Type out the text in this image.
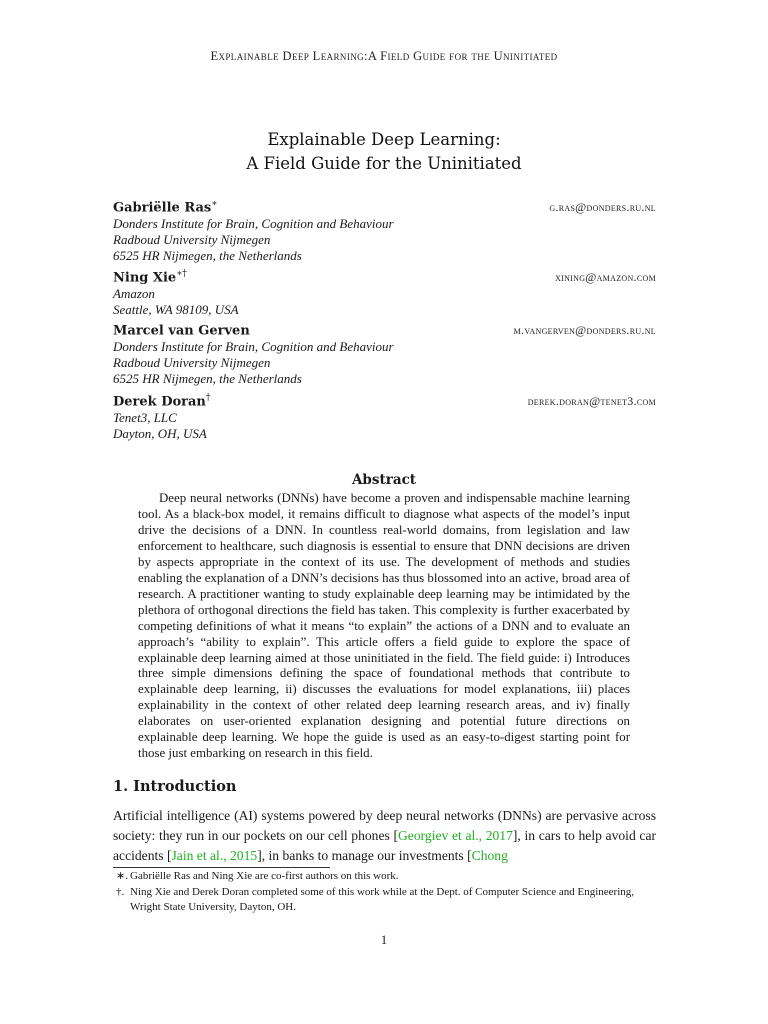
Explainable Deep Learning:A Field Guide for the Uninitiated
Explainable Deep Learning:
A Field Guide for the Uninitiated
Gabriëlle Ras∗	g.ras@donders.ru.nl
Donders Institute for Brain, Cognition and Behaviour
Radboud University Nijmegen
6525 HR Nijmegen, the Netherlands
Ning Xie∗†	xining@amazon.com
Amazon
Seattle, WA 98109, USA
Marcel van Gerven	m.vangerven@donders.ru.nl
Donders Institute for Brain, Cognition and Behaviour
Radboud University Nijmegen
6525 HR Nijmegen, the Netherlands
Derek Doran†	derek.doran@tenet3.com
Tenet3, LLC
Dayton, OH, USA
Abstract
Deep neural networks (DNNs) have become a proven and indispensable machine learning tool. As a black-box model, it remains difficult to diagnose what aspects of the model’s input drive the decisions of a DNN. In countless real-world domains, from legislation and law enforcement to healthcare, such diagnosis is essential to ensure that DNN decisions are driven by aspects appropriate in the context of its use. The development of methods and studies enabling the explanation of a DNN’s decisions has thus blossomed into an active, broad area of research. A practitioner wanting to study explainable deep learning may be intimidated by the plethora of orthogonal directions the field has taken. This complexity is further exacerbated by competing definitions of what it means “to explain” the actions of a DNN and to evaluate an approach’s “ability to explain”. This article offers a field guide to explore the space of explainable deep learning aimed at those uninitiated in the field. The field guide: i) Introduces three simple dimensions defining the space of foundational methods that contribute to explainable deep learning, ii) discusses the evaluations for model explanations, iii) places explainability in the context of other related deep learning research areas, and iv) finally elaborates on user-oriented explanation designing and potential future directions on explainable deep learning. We hope the guide is used as an easy-to-digest starting point for those just embarking on research in this field.
1. Introduction
Artificial intelligence (AI) systems powered by deep neural networks (DNNs) are pervasive across society: they run in our pockets on our cell phones [Georgiev et al., 2017], in cars to help avoid car accidents [Jain et al., 2015], in banks to manage our investments [Chong
∗. Gabriëlle Ras and Ning Xie are co-first authors on this work.
†. Ning Xie and Derek Doran completed some of this work while at the Dept. of Computer Science and Engineering, Wright State University, Dayton, OH.
1
